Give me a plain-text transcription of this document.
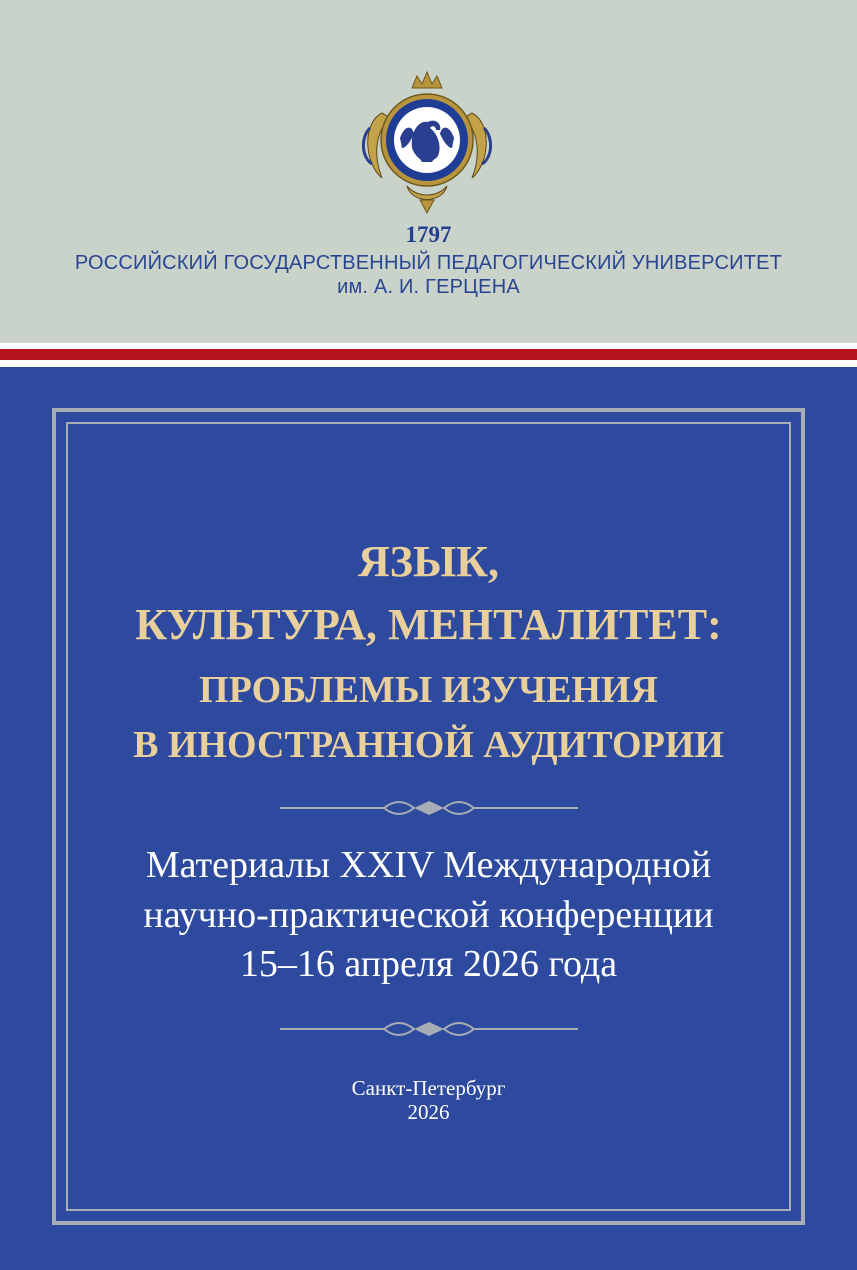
1797
РОССИЙСКИЙ ГОСУДАРСТВЕННЫЙ ПЕДАГОГИЧЕСКИЙ УНИВЕРСИТЕТ
им. А. И. ГЕРЦЕНА
ЯЗЫК,
КУЛЬТУРА, МЕНТАЛИТЕТ:
ПРОБЛЕМЫ ИЗУЧЕНИЯ
В ИНОСТРАННОЙ АУДИТОРИИ
Материалы XXIV Международной
научно-практической конференции
15–16 апреля 2026 года
Санкт-Петербург
2026
